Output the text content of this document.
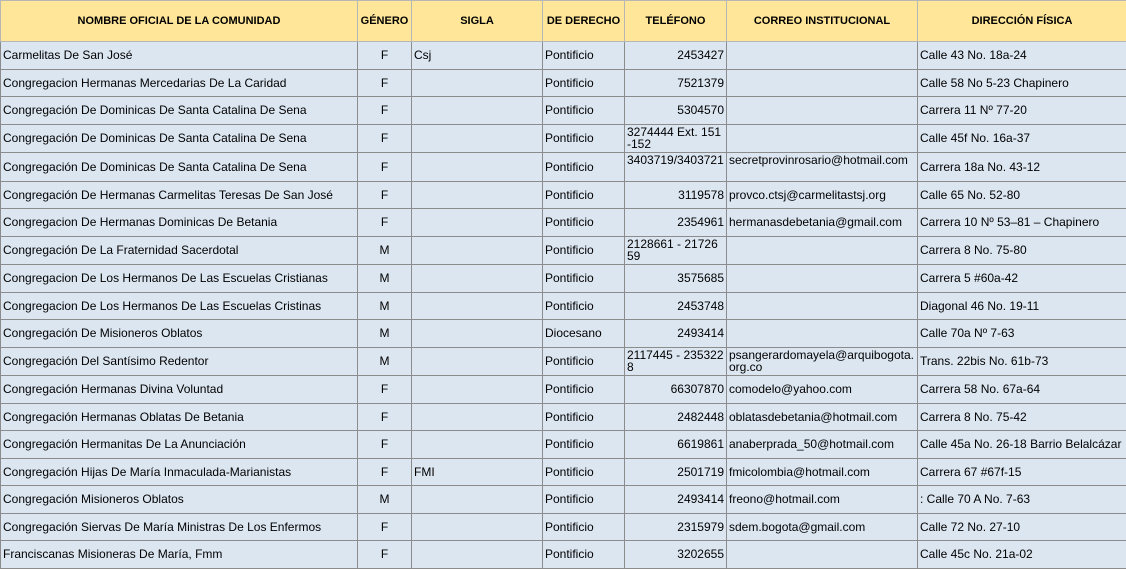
NOMBRE OFICIAL DE LA COMUNIDAD	GÉNERO	SIGLA	DE DERECHO	TELÉFONO	CORREO INSTITUCIONAL	DIRECCIÓN FÍSICA
Carmelitas De San José	F	Csj	Pontificio	2453427		Calle 43 No. 18a-24
Congregacion Hermanas Mercedarias De La Caridad	F		Pontificio	7521379		Calle 58 No 5-23 Chapinero
Congregación De Dominicas De Santa Catalina De Sena	F		Pontificio	5304570		Carrera 11 Nº 77-20
Congregación De Dominicas De Santa Catalina De Sena	F		Pontificio	3274444 Ext. 151-152		Calle 45f No. 16a-37
Congregación De Dominicas De Santa Catalina De Sena	F		Pontificio	3403719/3403721	secretprovinrosario@hotmail.com	Carrera 18a No. 43-12
Congregación De Hermanas Carmelitas Teresas De San José	F		Pontificio	3119578	provco.ctsj@carmelitastsj.org	Calle 65 No. 52-80
Congregacion De Hermanas Dominicas De Betania	F		Pontificio	2354961	hermanasdebetania@gmail.com	Carrera 10 Nº 53–81 – Chapinero
Congregación De La Fraternidad Sacerdotal	M		Pontificio	2128661 - 2172659		Carrera 8 No. 75-80
Congregacion De Los Hermanos De Las Escuelas Cristianas	M		Pontificio	3575685		Carrera 5 #60a-42
Congregacion De Los Hermanos De Las Escuelas Cristinas	M		Pontificio	2453748		Diagonal 46 No. 19-11
Congregación De Misioneros Oblatos	M		Diocesano	2493414		Calle 70a Nº 7-63
Congregación Del Santísimo Redentor	M		Pontificio	2117445 - 2353228	psangerardomayela@arquibogota.org.co	Trans. 22bis No. 61b-73
Congregación Hermanas Divina Voluntad	F		Pontificio	66307870	comodelo@yahoo.com	Carrera 58 No. 67a-64
Congregación Hermanas Oblatas De Betania	F		Pontificio	2482448	oblatasdebetania@hotmail.com	Carrera 8 No. 75-42
Congregación Hermanitas De La Anunciación	F		Pontificio	6619861	anaberprada_50@hotmail.com	Calle 45a No. 26-18 Barrio Belalcázar
Congregación Hijas De María Inmaculada-Marianistas	F	FMI	Pontificio	2501719	fmicolombia@hotmail.com	Carrera 67 #67f-15
Congregación Misioneros Oblatos	M		Pontificio	2493414	freono@hotmail.com	: Calle 70 A No. 7-63
Congregación Siervas De María Ministras De Los Enfermos	F		Pontificio	2315979	sdem.bogota@gmail.com	Calle 72 No. 27-10
Franciscanas Misioneras De María, Fmm	F		Pontificio	3202655		Calle 45c No. 21a-02
